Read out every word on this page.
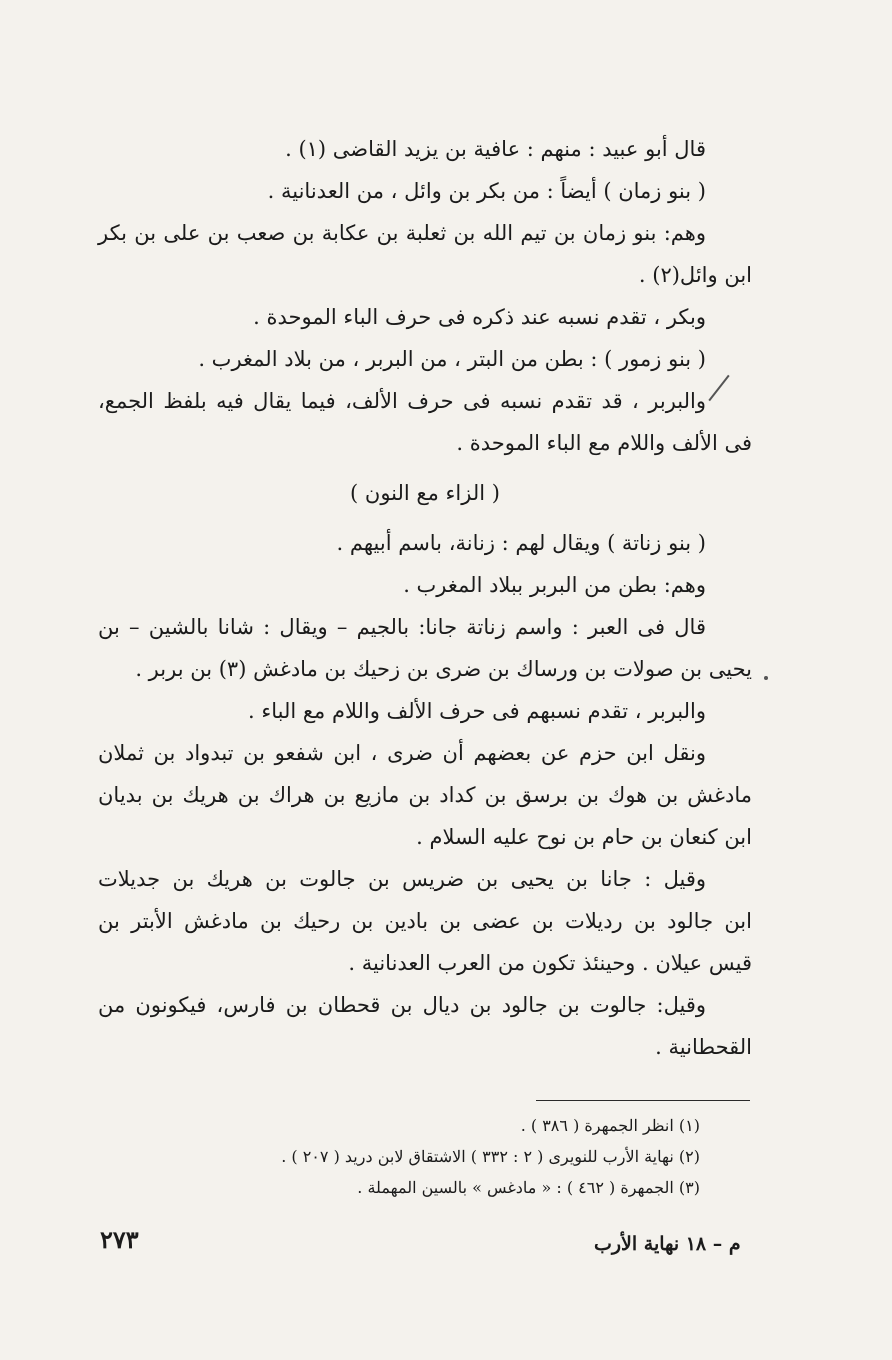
قال أبو عبيد : منهم : عافية بن يزيد القاضى (١) .
( بنو زمان ) أيضاً : من بكر بن وائل ، من العدنانية .
وهم: بنو زمان بن تيم الله بن ثعلبة بن عكابة بن صعب بن على بن بكر
ابن وائل(٢) .
وبكر ، تقدم نسبه عند ذكره فى حرف الباء الموحدة .
( بنو زمور ) : بطن من البتر ، من البربر ، من بلاد المغرب .
والبربر ، قد تقدم نسبه فى حرف الألف، فيما يقال فيه بلفظ الجمع،
فى الألف واللام مع الباء الموحدة .
( الزاء مع النون )
( بنو زناتة ) ويقال لهم : زنانة، باسم أبيهم .
وهم: بطن من البربر ببلاد المغرب .
قال فى العبر : واسم زناتة جانا: بالجيم – ويقال : شانا بالشين – بن
يحيى بن صولات بن ورساك بن ضرى بن زحيك بن مادغش (٣) بن بربر .
والبربر ، تقدم نسبهم فى حرف الألف واللام مع الباء .
ونقل ابن حزم عن بعضهم أن ضرى ، ابن شفعو بن تبدواد بن ثملان
مادغش بن هوك بن برسق بن كداد بن مازيع بن هراك بن هريك بن بديان
ابن كنعان بن حام بن نوح عليه السلام .
وقيل : جانا بن يحيى بن ضريس بن جالوت بن هريك بن جديلات
ابن جالود بن رديلات بن عضى بن بادين بن رحيك بن مادغش الأبتر بن
قيس عيلان . وحينئذ تكون من العرب العدنانية .
وقيل: جالوت بن جالود بن ديال بن قحطان بن فارس، فيكونون من
القحطانية .
(١) انظر الجمهرة ( ٣٨٦ ) .
(٢) نهاية الأرب للنويرى ( ٢ : ٣٣٢ ) الاشتقاق لابن دريد ( ٢٠٧ ) .
(٣) الجمهرة ( ٤٦٢ ) : « مادغس » بالسين المهملة .
٢٧٣	م – ١٨ نهاية الأرب
